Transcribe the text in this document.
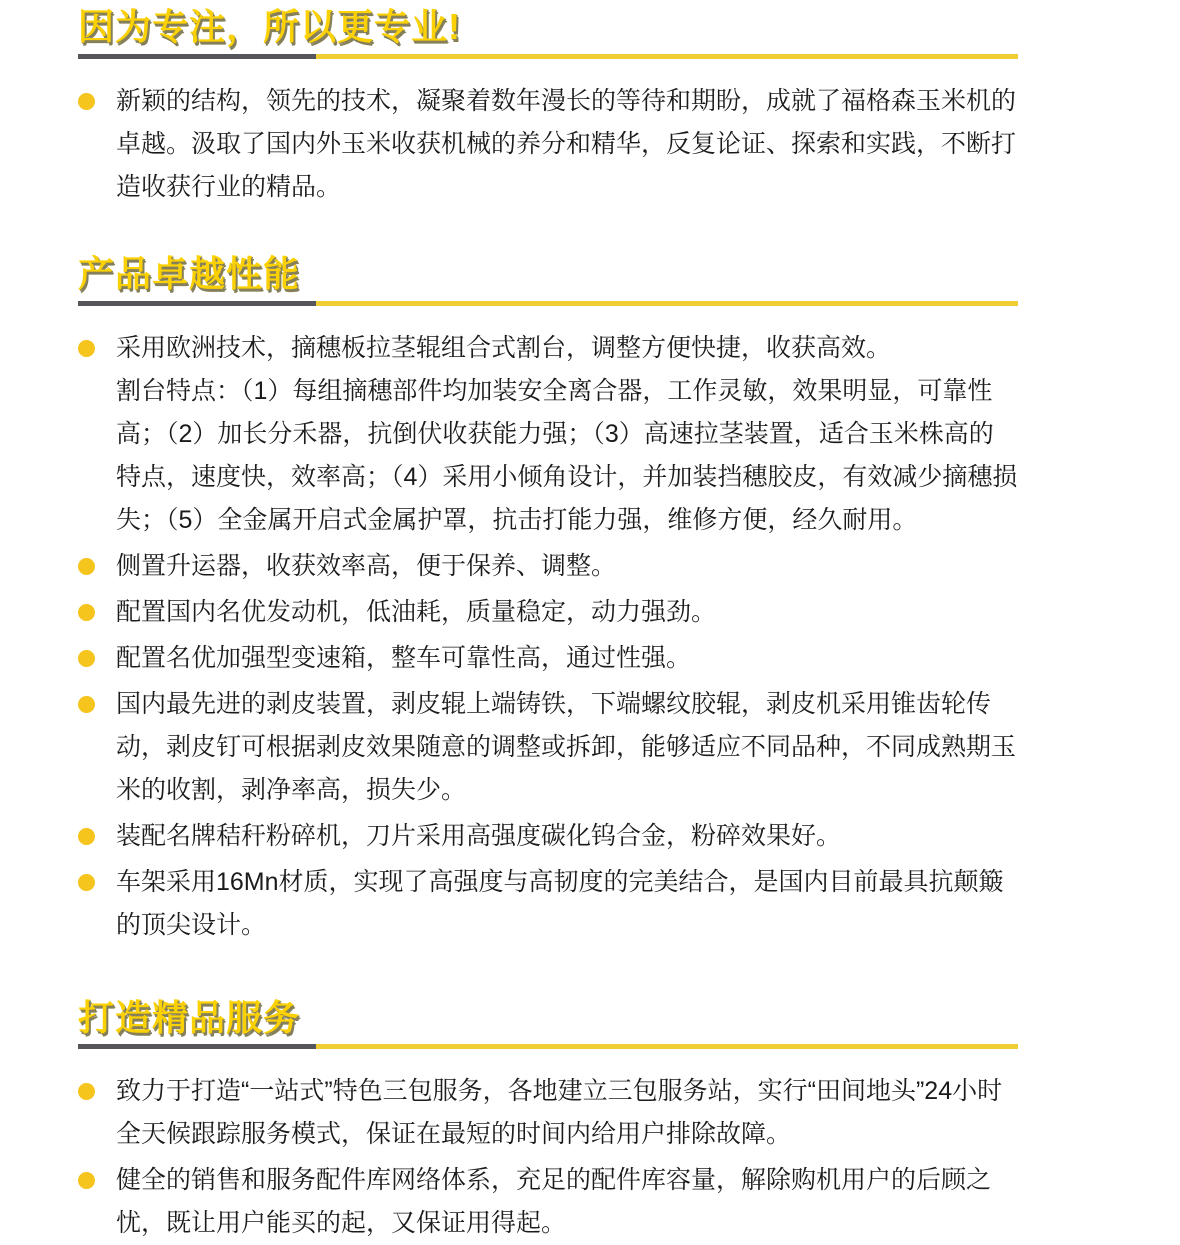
因为专注，所以更专业!

新颖的结构，领先的技术，凝聚着数年漫长的等待和期盼，成就了福格森玉米机的卓越。汲取了国内外玉米收获机械的养分和精华，反复论证、探索和实践，不断打造收获行业的精品。

产品卓越性能

采用欧洲技术，摘穗板拉茎辊组合式割台，调整方便快捷，收获高效。

割台特点：（1）每组摘穗部件均加装安全离合器，工作灵敏，效果明显，可靠性高；（2）加长分禾器，抗倒伏收获能力强；（3）高速拉茎装置，适合玉米株高的特点，速度快，效率高；（4）采用小倾角设计，并加装挡穗胶皮，有效减少摘穗损失；（5）全金属开启式金属护罩，抗击打能力强，维修方便，经久耐用。

侧置升运器，收获效率高，便于保养、调整。

配置国内名优发动机，低油耗，质量稳定，动力强劲。

配置名优加强型变速箱，整车可靠性高，通过性强。

国内最先进的剥皮装置，剥皮辊上端铸铁，下端螺纹胶辊，剥皮机采用锥齿轮传动，剥皮钉可根据剥皮效果随意的调整或拆卸，能够适应不同品种，不同成熟期玉米的收割，剥净率高，损失少。

装配名牌秸秆粉碎机，刀片采用高强度碳化钨合金，粉碎效果好。

车架采用16Mn材质，实现了高强度与高韧度的完美结合，是国内目前最具抗颠簸的顶尖设计。

打造精品服务

致力于打造“一站式”特色三包服务，各地建立三包服务站，实行“田间地头”24小时全天候跟踪服务模式，保证在最短的时间内给用户排除故障。

健全的销售和服务配件库网络体系，充足的配件库容量，解除购机用户的后顾之忧，既让用户能买的起，又保证用得起。
